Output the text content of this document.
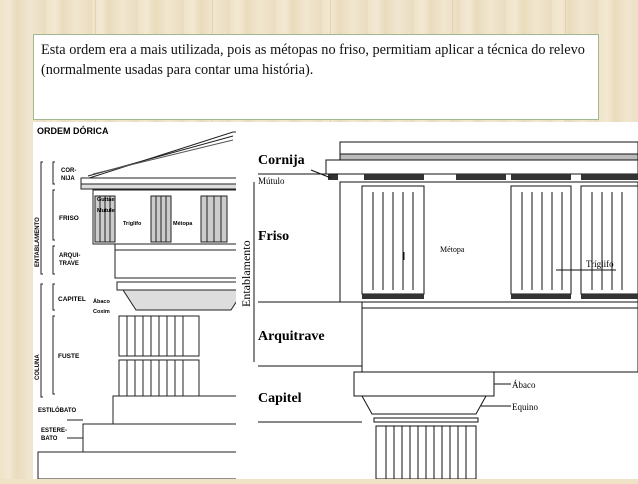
Esta ordem era a mais utilizada, pois as métopas no friso, permitiam aplicar a técnica do relevo (normalmente usadas para contar uma história).

ORDEM DÓRICA
COR-
NIJA
FRISO
ENTABLAMENTO	ARQUI-
TRAVE
CAPITEL
COLUNA	FUSTE
ESTILÓBATO
ESTERE-
BATO
Guttae
Mutule
Tríglifo	Métopa
Ábaco
Coxim
Cornija
Mútulo
Friso
Entablamento	Métopa
Tríglifo
Arquitrave
Capitel
Ábaco
Equino
